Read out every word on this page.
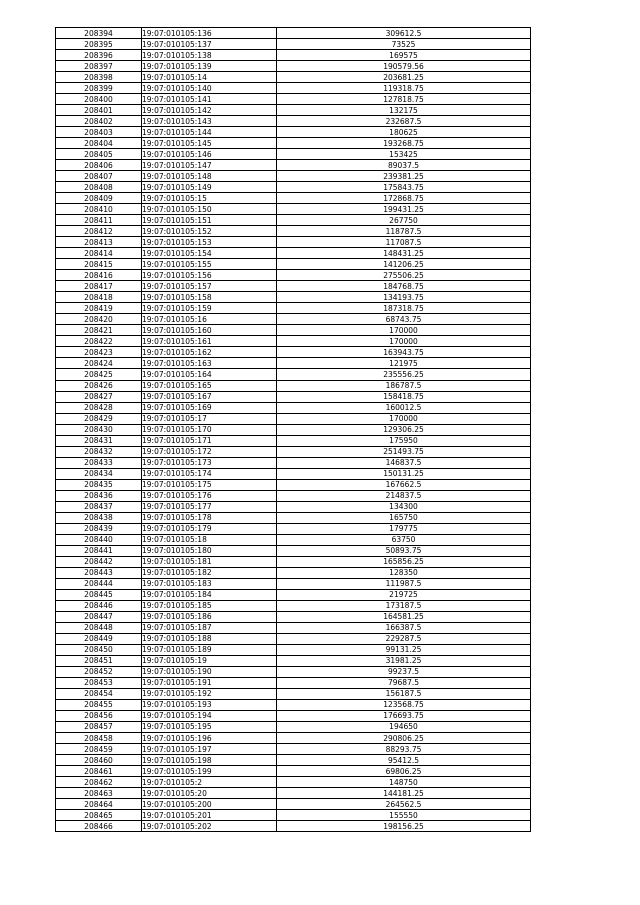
208394	19:07:010105:136	309612.5
208395	19:07:010105:137	73525
208396	19:07:010105:138	169575
208397	19:07:010105:139	190579.56
208398	19:07:010105:14	203681.25
208399	19:07:010105:140	119318.75
208400	19:07:010105:141	127818.75
208401	19:07:010105:142	132175
208402	19:07:010105:143	232687.5
208403	19:07:010105:144	180625
208404	19:07:010105:145	193268.75
208405	19:07:010105:146	153425
208406	19:07:010105:147	89037.5
208407	19:07:010105:148	239381.25
208408	19:07:010105:149	175843.75
208409	19:07:010105:15	172868.75
208410	19:07:010105:150	199431.25
208411	19:07:010105:151	267750
208412	19:07:010105:152	118787.5
208413	19:07:010105:153	117087.5
208414	19:07:010105:154	148431.25
208415	19:07:010105:155	141206.25
208416	19:07:010105:156	275506.25
208417	19:07:010105:157	184768.75
208418	19:07:010105:158	134193.75
208419	19:07:010105:159	187318.75
208420	19:07:010105:16	68743.75
208421	19:07:010105:160	170000
208422	19:07:010105:161	170000
208423	19:07:010105:162	163943.75
208424	19:07:010105:163	121975
208425	19:07:010105:164	235556.25
208426	19:07:010105:165	186787.5
208427	19:07:010105:167	158418.75
208428	19:07:010105:169	160012.5
208429	19:07:010105:17	170000
208430	19:07:010105:170	129306.25
208431	19:07:010105:171	175950
208432	19:07:010105:172	251493.75
208433	19:07:010105:173	146837.5
208434	19:07:010105:174	150131.25
208435	19:07:010105:175	167662.5
208436	19:07:010105:176	214837.5
208437	19:07:010105:177	134300
208438	19:07:010105:178	165750
208439	19:07:010105:179	179775
208440	19:07:010105:18	63750
208441	19:07:010105:180	50893.75
208442	19:07:010105:181	165856.25
208443	19:07:010105:182	128350
208444	19:07:010105:183	111987.5
208445	19:07:010105:184	219725
208446	19:07:010105:185	173187.5
208447	19:07:010105:186	164581.25
208448	19:07:010105:187	166387.5
208449	19:07:010105:188	229287.5
208450	19:07:010105:189	99131.25
208451	19:07:010105:19	31981.25
208452	19:07:010105:190	99237.5
208453	19:07:010105:191	79687.5
208454	19:07:010105:192	156187.5
208455	19:07:010105:193	123568.75
208456	19:07:010105:194	176693.75
208457	19:07:010105:195	194650
208458	19:07:010105:196	290806.25
208459	19:07:010105:197	88293.75
208460	19:07:010105:198	95412.5
208461	19:07:010105:199	69806.25
208462	19:07:010105:2	148750
208463	19:07:010105:20	144181.25
208464	19:07:010105:200	264562.5
208465	19:07:010105:201	155550
208466	19:07:010105:202	198156.25
